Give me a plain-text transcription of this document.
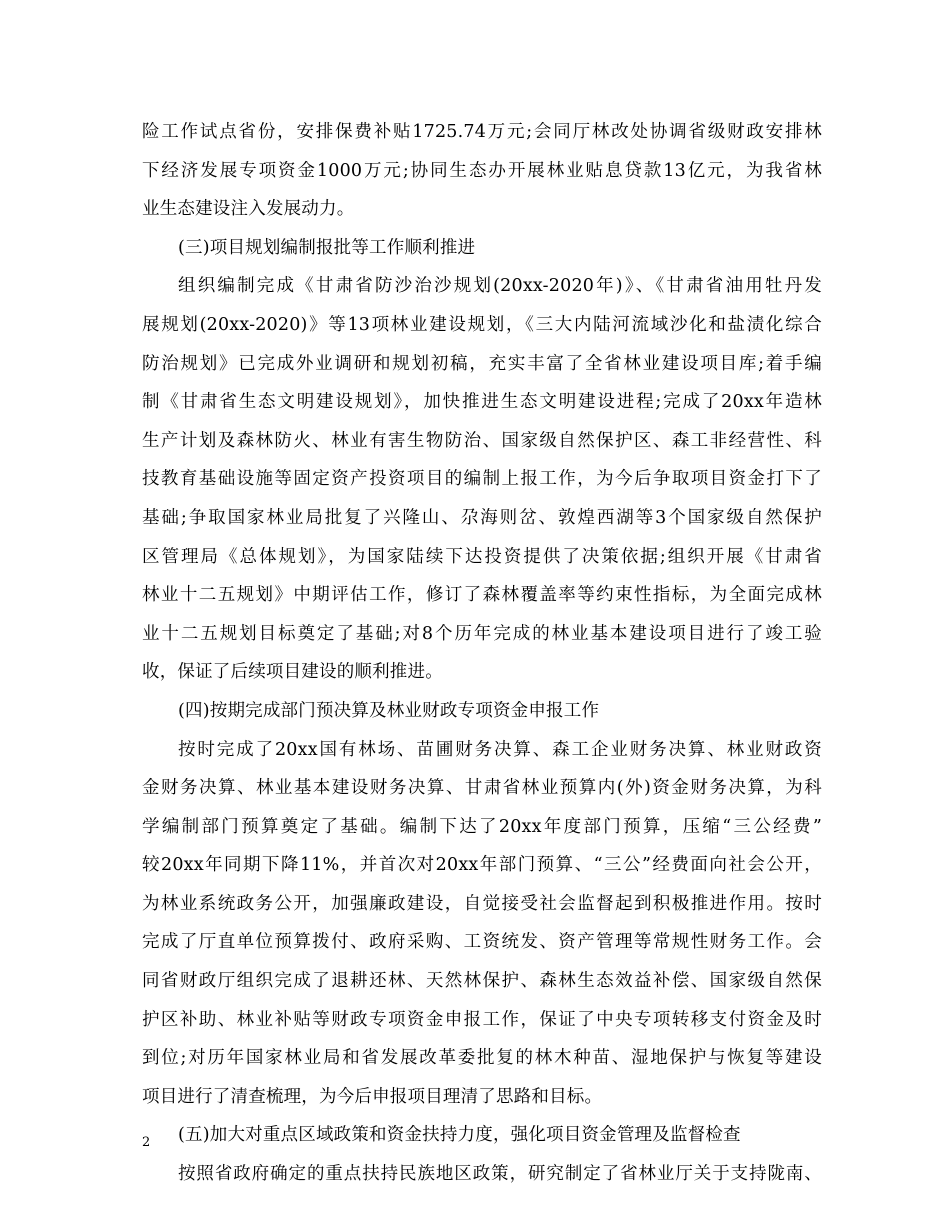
险工作试点省份，安排保费补贴1725.74万元;会同厅林改处协调省级财政安排林
下经济发展专项资金1000万元;协同生态办开展林业贴息贷款13亿元，为我省林
业生态建设注入发展动力。
(三)项目规划编制报批等工作顺利推进
组织编制完成《甘肃省防沙治沙规划(20xx-2020年)》、《甘肃省油用牡丹发
展规划(20xx-2020)》等13项林业建设规划，《三大内陆河流域沙化和盐渍化综合
防治规划》已完成外业调研和规划初稿，充实丰富了全省林业建设项目库;着手编
制《甘肃省生态文明建设规划》，加快推进生态文明建设进程;完成了20xx年造林
生产计划及森林防火、林业有害生物防治、国家级自然保护区、森工非经营性、科
技教育基础设施等固定资产投资项目的编制上报工作，为今后争取项目资金打下了
基础;争取国家林业局批复了兴隆山、尕海则岔、敦煌西湖等3个国家级自然保护
区管理局《总体规划》，为国家陆续下达投资提供了决策依据;组织开展《甘肃省
林业十二五规划》中期评估工作，修订了森林覆盖率等约束性指标，为全面完成林
业十二五规划目标奠定了基础;对8个历年完成的林业基本建设项目进行了竣工验
收，保证了后续项目建设的顺利推进。
(四)按期完成部门预决算及林业财政专项资金申报工作
按时完成了20xx国有林场、苗圃财务决算、森工企业财务决算、林业财政资
金财务决算、林业基本建设财务决算、甘肃省林业预算内(外)资金财务决算，为科
学编制部门预算奠定了基础。编制下达了20xx年度部门预算，压缩“三公经费”
较20xx年同期下降11%，并首次对20xx年部门预算、“三公”经费面向社会公开，
为林业系统政务公开，加强廉政建设，自觉接受社会监督起到积极推进作用。按时
完成了厅直单位预算拨付、政府采购、工资统发、资产管理等常规性财务工作。会
同省财政厅组织完成了退耕还林、天然林保护、森林生态效益补偿、国家级自然保
护区补助、林业补贴等财政专项资金申报工作，保证了中央专项转移支付资金及时
到位;对历年国家林业局和省发展改革委批复的林木种苗、湿地保护与恢复等建设
项目进行了清查梳理，为今后申报项目理清了思路和目标。
(五)加大对重点区域政策和资金扶持力度，强化项目资金管理及监督检查
按照省政府确定的重点扶持民族地区政策，研究制定了省林业厅关于支持陇南、
2
